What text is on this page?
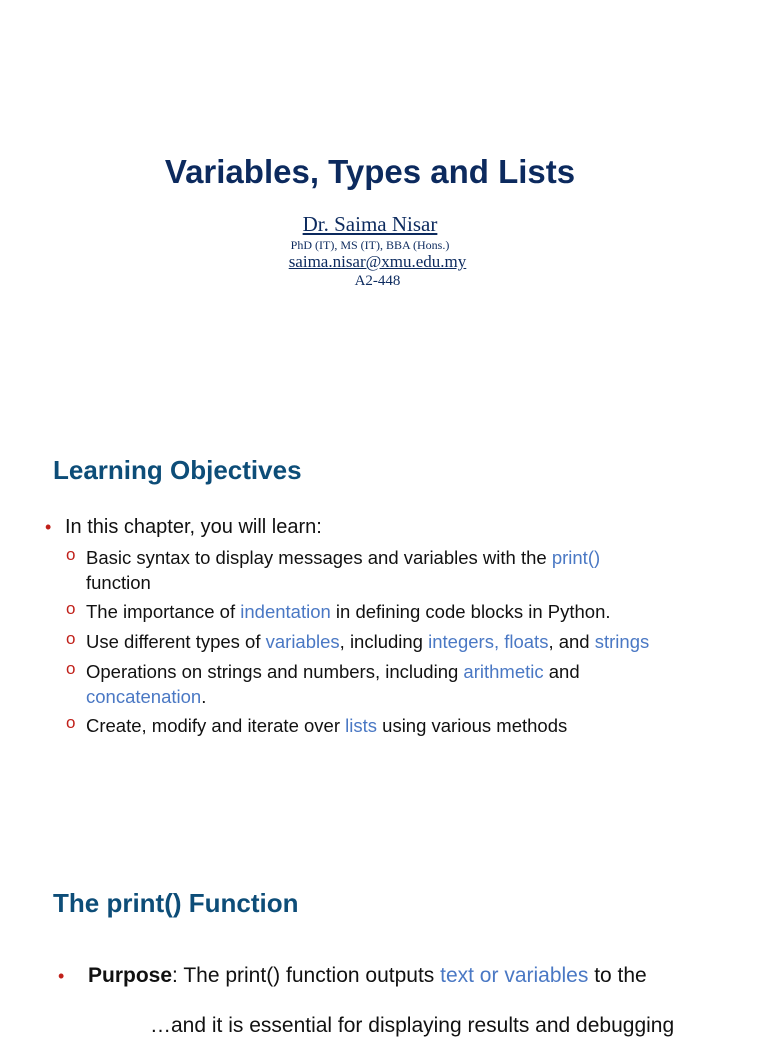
Variables, Types and Lists
Dr. Saima Nisar
PhD (IT), MS (IT), BBA (Hons.)
saima.nisar@xmu.edu.my
A2-448
Learning Objectives
• In this chapter, you will learn:
o Basic syntax to display messages and variables with the print()
function
o The importance of indentation in defining code blocks in Python.
o Use different types of variables, including integers, floats, and strings
o Operations on strings and numbers, including arithmetic and
concatenation.
o Create, modify and iterate over lists using various methods
The print() Function
• Purpose: The print() function outputs text or variables to the
…and it is essential for displaying results and debugging
